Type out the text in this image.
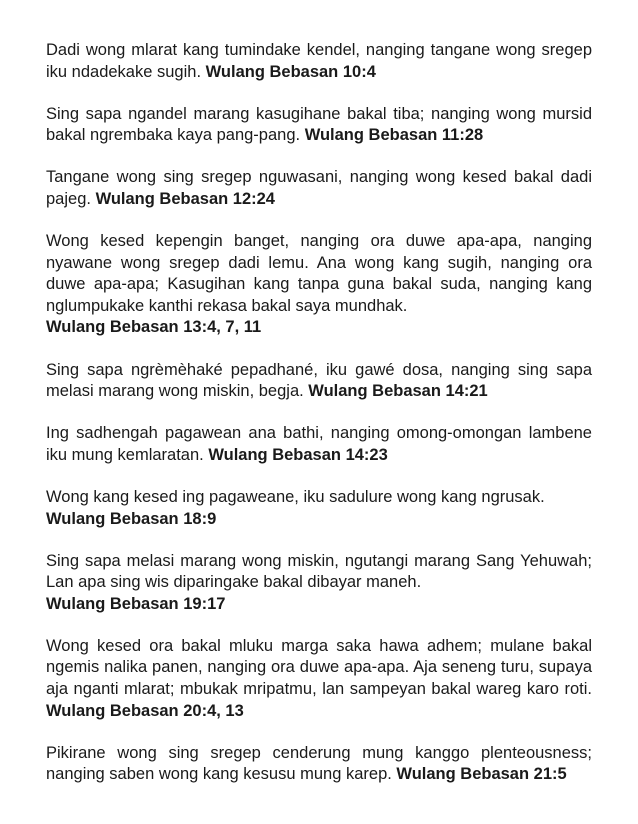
Dadi wong mlarat kang tumindake kendel, nanging tangane wong sregep iku ndadekake sugih. Wulang Bebasan 10:4

Sing sapa ngandel marang kasugihane bakal tiba; nanging wong mursid bakal ngrembaka kaya pang-pang. Wulang Bebasan 11:28

Tangane wong sing sregep nguwasani, nanging wong kesed bakal dadi pajeg. Wulang Bebasan 12:24

Wong kesed kepengin banget, nanging ora duwe apa-apa, nanging nyawane wong sregep dadi lemu. Ana wong kang sugih, nanging ora duwe apa-apa; Kasugihan kang tanpa guna bakal suda, nanging kang nglumpukake kanthi rekasa bakal saya mundhak.
Wulang Bebasan 13:4, 7, 11

Sing sapa ngrèmèhaké pepadhané, iku gawé dosa, nanging sing sapa melasi marang wong miskin, begja. Wulang Bebasan 14:21

Ing sadhengah pagawean ana bathi, nanging omong-omongan lambene iku mung kemlaratan. Wulang Bebasan 14:23

Wong kang kesed ing pagaweane, iku sadulure wong kang ngrusak.
Wulang Bebasan 18:9

Sing sapa melasi marang wong miskin, ngutangi marang Sang Yehuwah; Lan apa sing wis diparingake bakal dibayar maneh.
Wulang Bebasan 19:17

Wong kesed ora bakal mluku marga saka hawa adhem; mulane bakal ngemis nalika panen, nanging ora duwe apa-apa. Aja seneng turu, supaya aja nganti mlarat; mbukak mripatmu, lan sampeyan bakal wareg karo roti. Wulang Bebasan 20:4, 13

Pikirane wong sing sregep cenderung mung kanggo plenteousness; nanging saben wong kang kesusu mung karep. Wulang Bebasan 21:5
